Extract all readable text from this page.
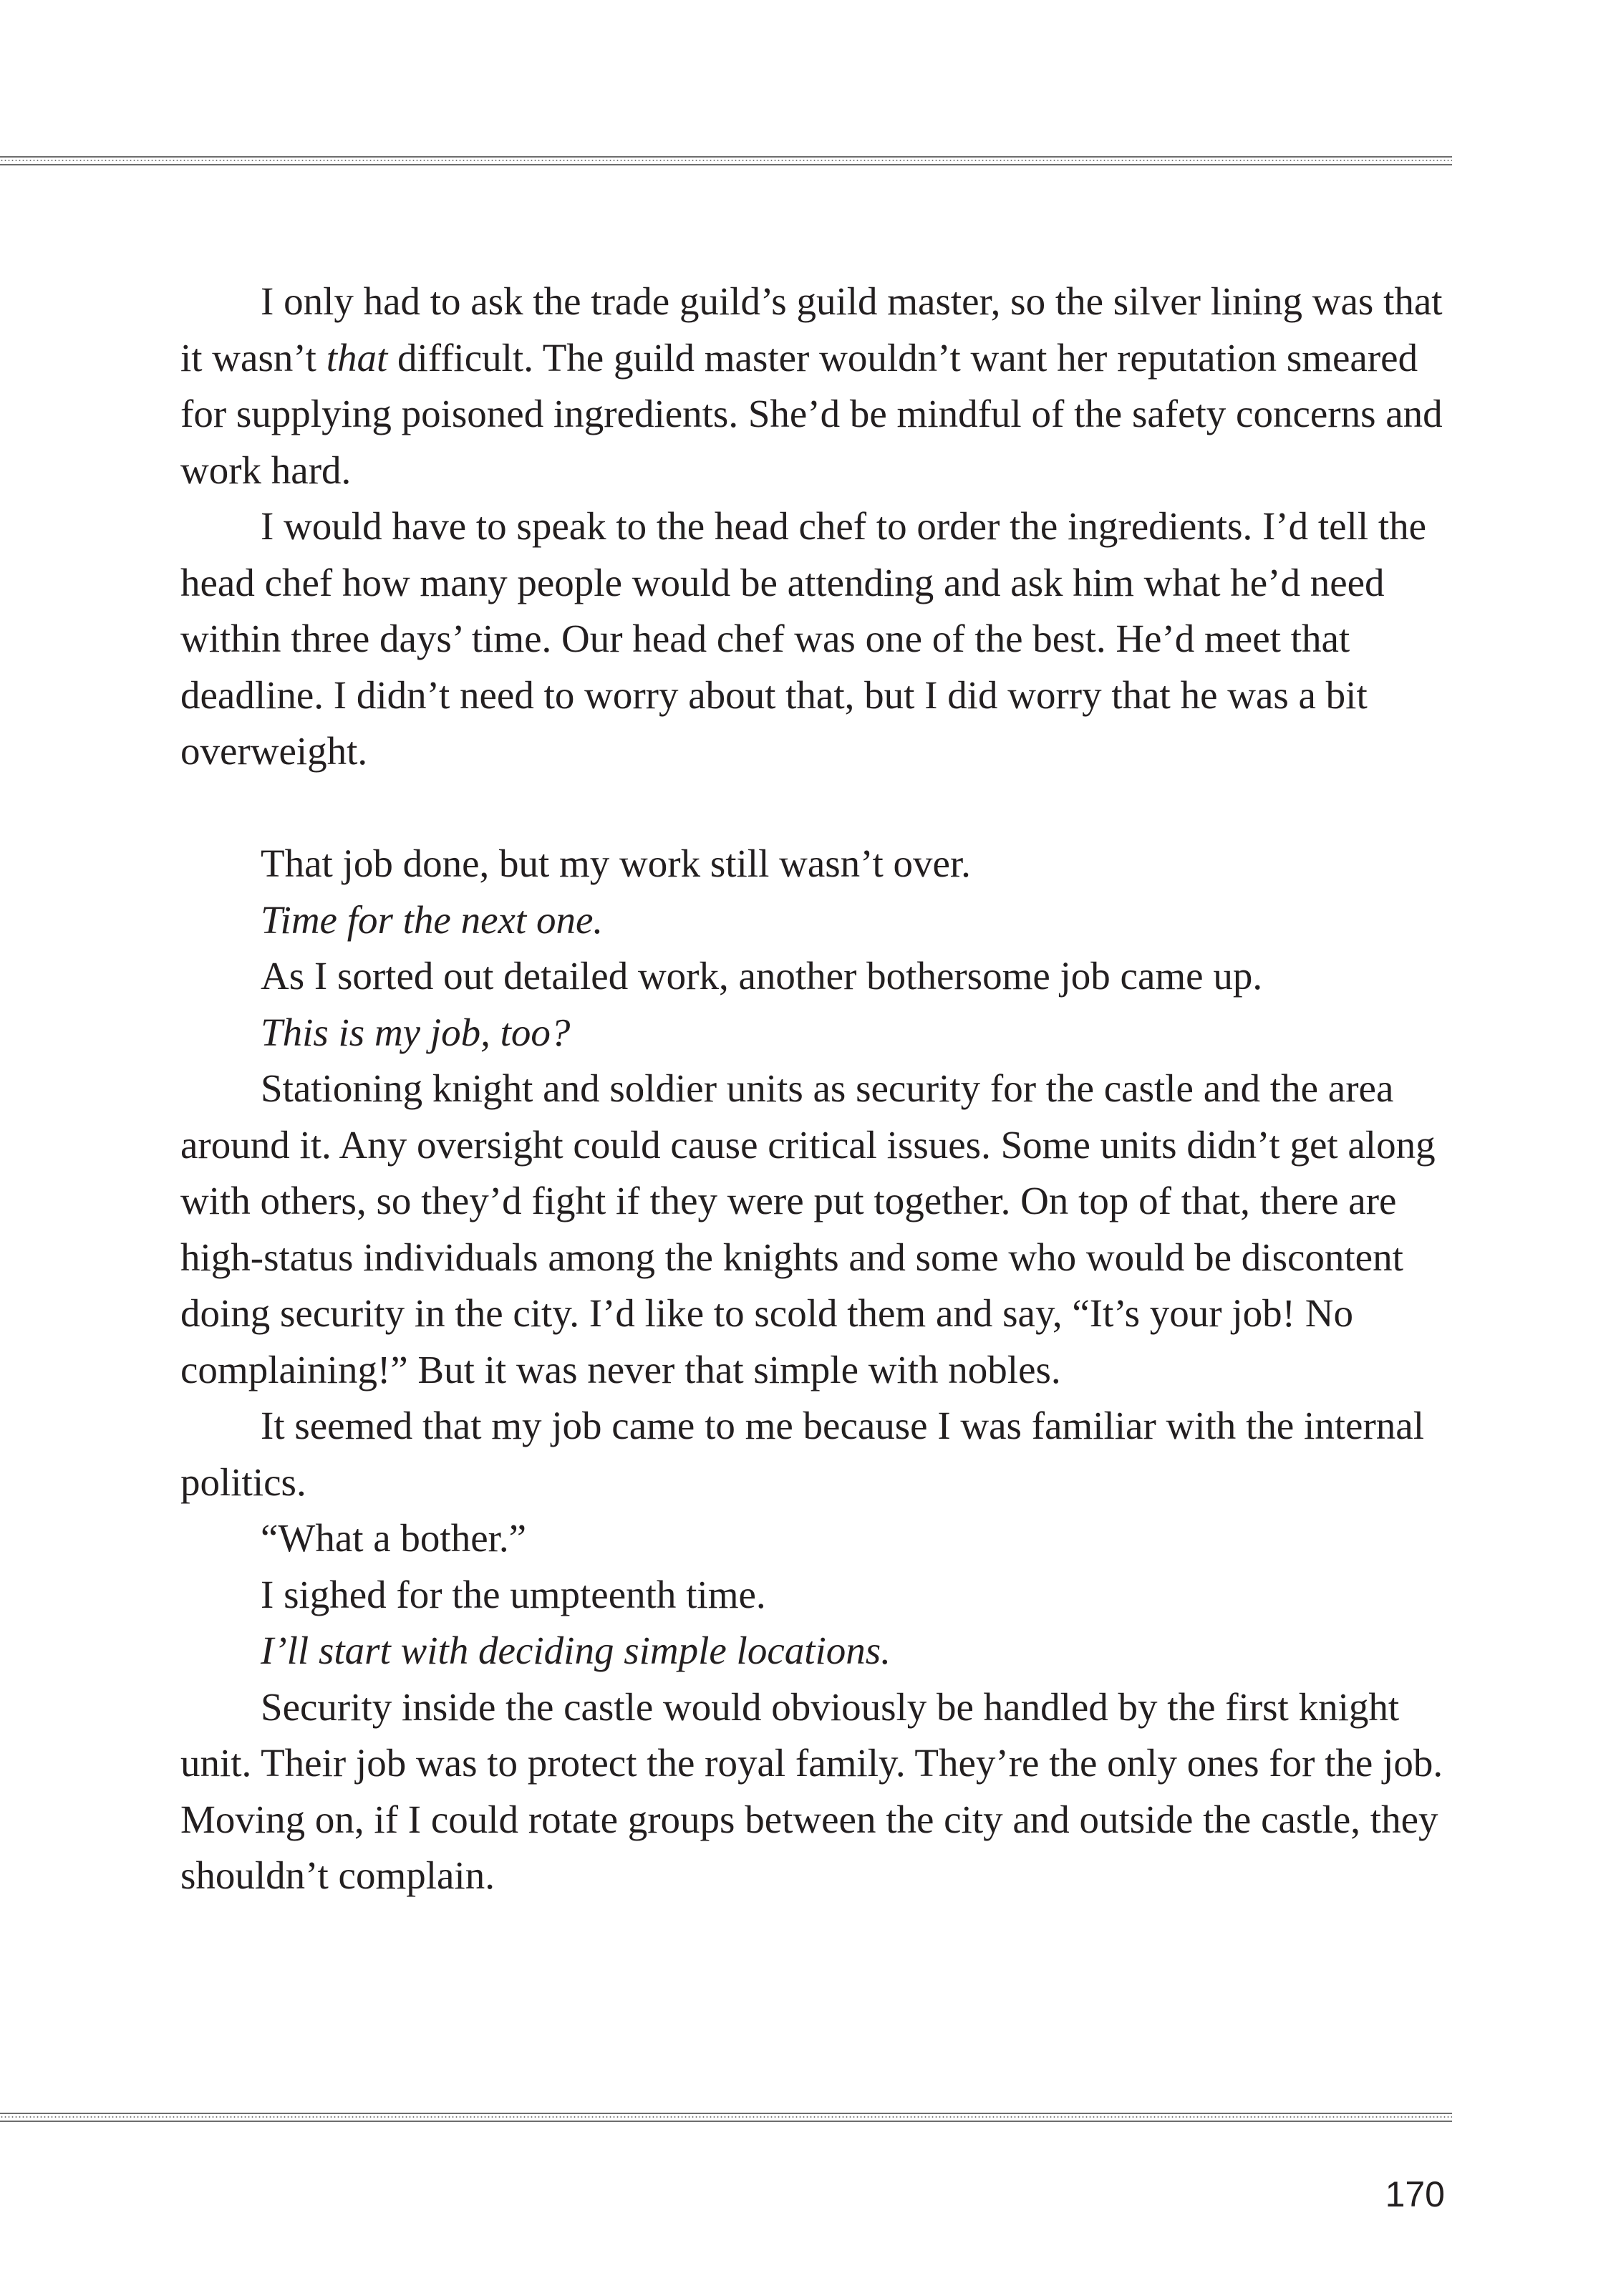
I only had to ask the trade guild’s guild master, so the silver lining was that it wasn’t that difficult. The guild master wouldn’t want her reputation smeared for supplying poisoned ingredients. She’d be mindful of the safety concerns and work hard.

I would have to speak to the head chef to order the ingredients. I’d tell the head chef how many people would be attending and ask him what he’d need within three days’ time. Our head chef was one of the best. He’d meet that deadline. I didn’t need to worry about that, but I did worry that he was a bit overweight.

That job done, but my work still wasn’t over.

Time for the next one.

As I sorted out detailed work, another bothersome job came up.

This is my job, too?

Stationing knight and soldier units as security for the castle and the area around it. Any oversight could cause critical issues. Some units didn’t get along with others, so they’d fight if they were put together. On top of that, there are high-status individuals among the knights and some who would be discontent doing security in the city. I’d like to scold them and say, “It’s your job! No complaining!” But it was never that simple with nobles.

It seemed that my job came to me because I was familiar with the internal politics.

“What a bother.”

I sighed for the umpteenth time.

I’ll start with deciding simple locations.

Security inside the castle would obviously be handled by the first knight unit. Their job was to protect the royal family. They’re the only ones for the job. Moving on, if I could rotate groups between the city and outside the castle, they shouldn’t complain.

170
